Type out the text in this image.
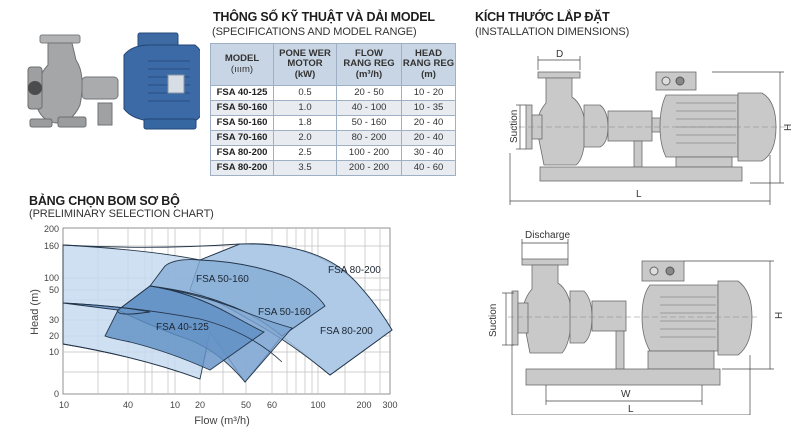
THÔNG SỐ KỸ THUẬT VÀ DẢI MODEL
(SPECIFICATIONS AND MODEL RANGE)
MODEL
(ııım)

PONE WER
MOTOR
(kW)

FLOW
RANG REG
(m³/h)

HEAD
RANG REG
(m)

FSA 40-125	0.5	20 - 50	10 - 20
FSA 50-160	1.0	40 - 100	10 - 35
FSA 50-160	1.8	50 - 160	20 - 40
FSA 70-160	2.0	80 - 200	20 - 40
FSA 80-200	2.5	100 - 200	30 - 40
FSA 80-200	3.5	200 - 200	40 - 60
KÍCH THƯỚC LẮP ĐẶT
(INSTALLATION DIMENSIONS)
D
Suction	H
L
Discharge
Suction	H
W
L
BẢNG CHỌN BOM SƠ BỘ
(PRELIMINARY SELECTION CHART)
FSA 80-200
FSA 50-160
FSA 50-160
FSA 80-200
FSA 40-125
200
160
100
50
30
20
10
0
10	40	10 20	50 60	100	200 300
Flow (m³/h)
Head (m)
